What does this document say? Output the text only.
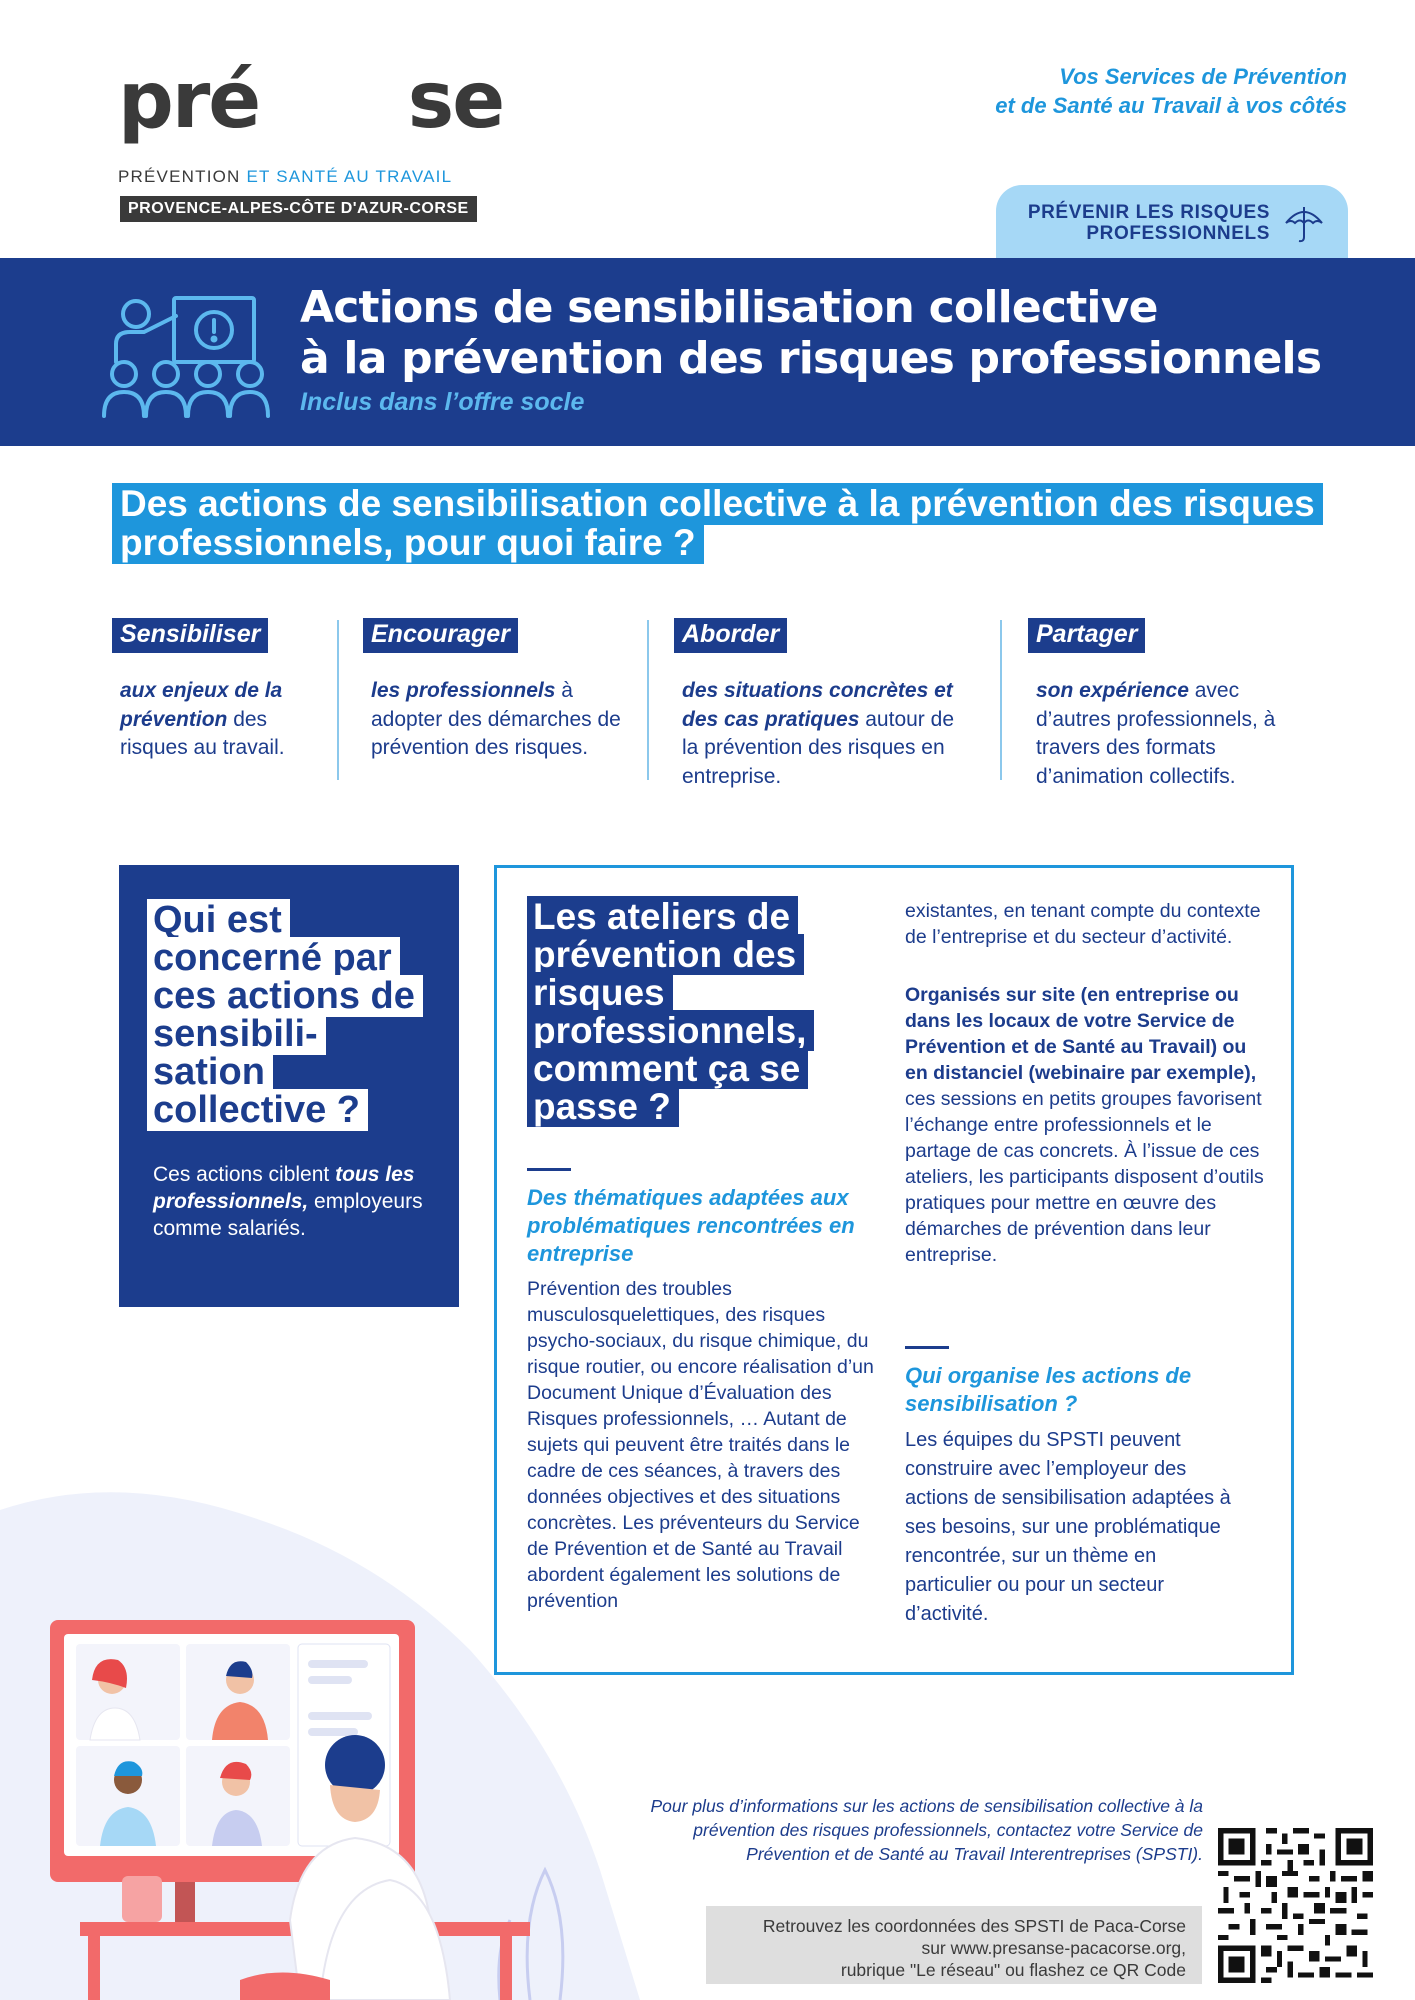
présanse
PRÉVENTION ET SANTÉ AU TRAVAIL
PROVENCE-ALPES-CÔTE D'AZUR-CORSE
Vos Services de Prévention
et de Santé au Travail à vos côtés
PRÉVENIR LES RISQUES
PROFESSIONNELS
Actions de sensibilisation collective
à la prévention des risques professionnels
Inclus dans l’offre socle
Des actions de sensibilisation collective à la prévention des risques professionnels, pour quoi faire ?
Sensibiliser
aux enjeux de la prévention des risques au travail.
Encourager
les professionnels à adopter des démarches de prévention des risques.
Aborder
des situations concrètes et des cas pratiques autour de la prévention des risques en entreprise.
Partager
son expérience avec d’autres professionnels, à travers des formats d’animation collectifs.
Qui est concerné par ces actions de sensibili-sation collective ?
Ces actions ciblent tous les professionnels, employeurs comme salariés.
Les ateliers de prévention des risques professionnels, comment ça se passe ?
Des thématiques adaptées aux problématiques rencontrées en entreprise
Prévention des troubles musculosquelettiques, des risques psycho-sociaux, du risque chimique, du risque routier, ou encore réalisation d’un Document Unique d’Évaluation des Risques professionnels, … Autant de sujets qui peuvent être traités dans le cadre de ces séances, à travers des données objectives et des situations concrètes. Les préventeurs du Service de Prévention et de Santé au Travail abordent également les solutions de prévention
existantes, en tenant compte du contexte de l’entreprise et du secteur d’activité.
Organisés sur site (en entreprise ou dans les locaux de votre Service de Prévention et de Santé au Travail) ou en distanciel (webinaire par exemple), ces sessions en petits groupes favorisent l’échange entre professionnels et le partage de cas concrets. À l’issue de ces ateliers, les participants disposent d’outils pratiques pour mettre en œuvre des démarches de prévention dans leur entreprise.
Qui organise les actions de sensibilisation ?
Les équipes du SPSTI peuvent construire avec l’employeur des actions de sensibilisation adaptées à ses besoins, sur une problématique rencontrée, sur un thème en particulier ou pour un secteur d’activité.
Pour plus d’informations sur les actions de sensibilisation collective à la prévention des risques professionnels, contactez votre Service de Prévention et de Santé au Travail Interentreprises (SPSTI).
Retrouvez les coordonnées des SPSTI de Paca-Corse
sur www.presanse-pacacorse.org,
rubrique "Le réseau" ou flashez ce QR Code
